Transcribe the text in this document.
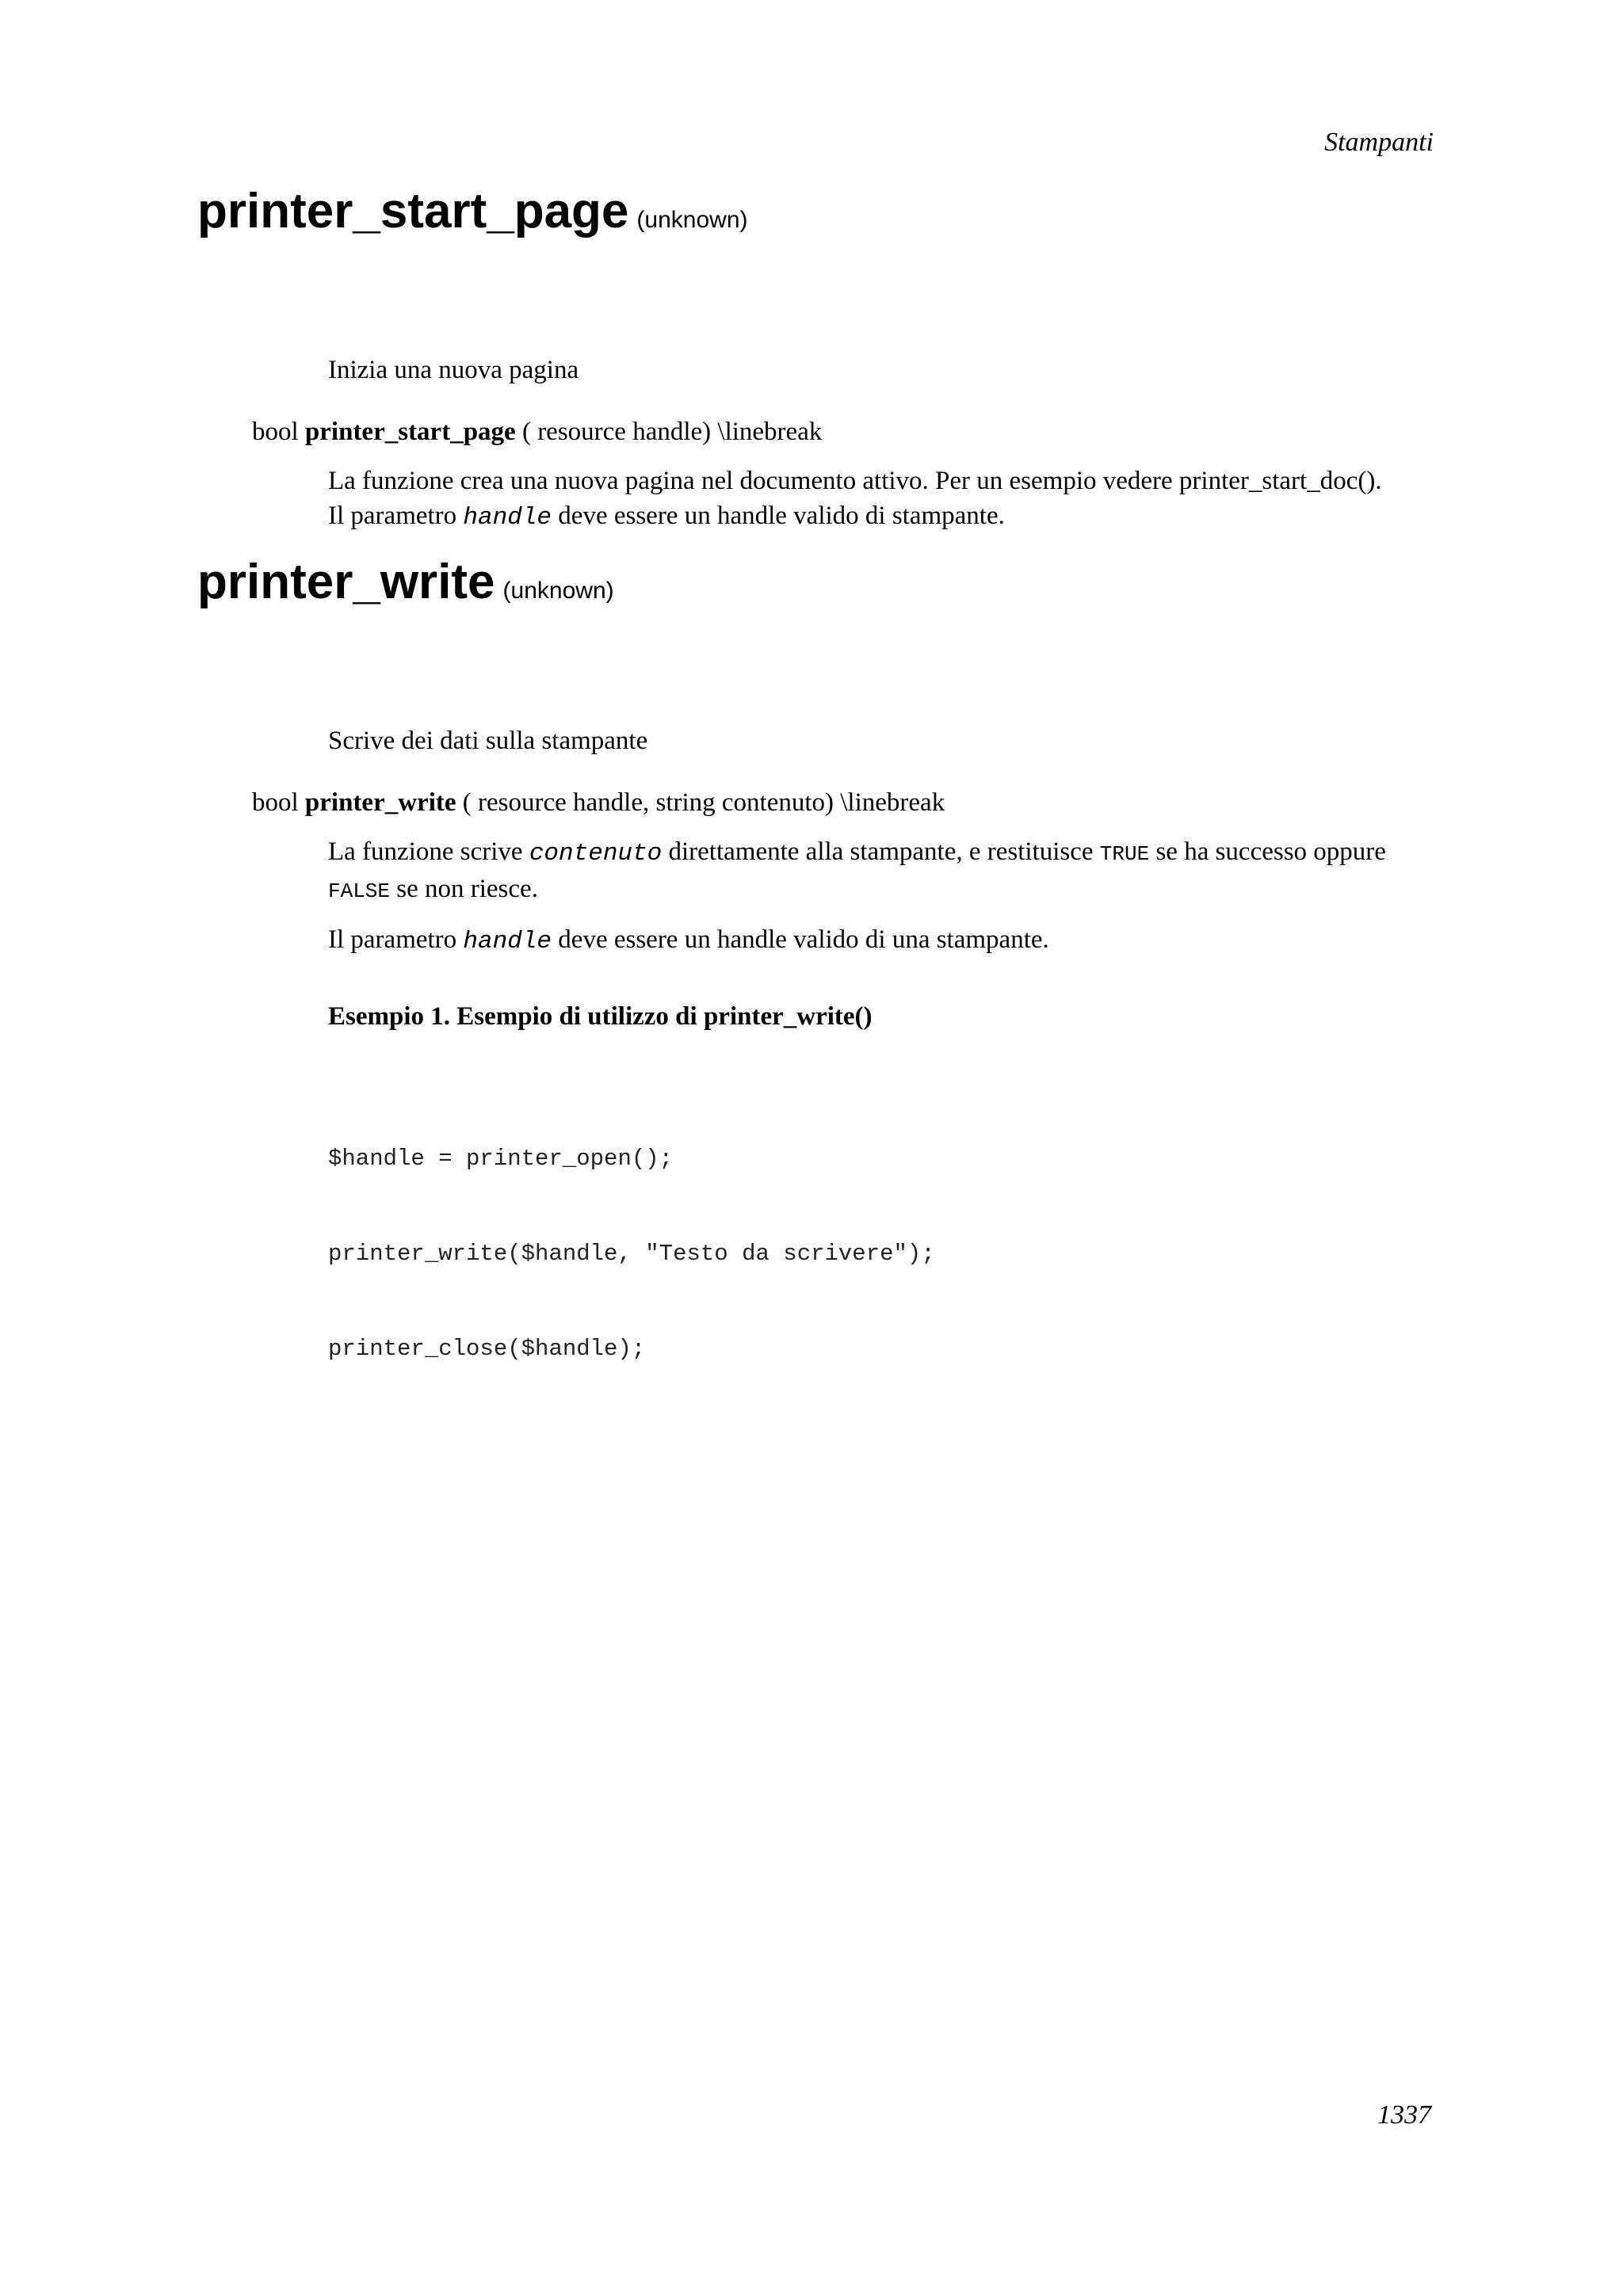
Stampanti
printer_start_page (unknown)

Inizia una nuova pagina

bool printer_start_page ( resource handle) \linebreak

La funzione crea una nuova pagina nel documento attivo. Per un esempio vedere printer_start_doc().
Il parametro handle deve essere un handle valido di stampante.
printer_write (unknown)

Scrive dei dati sulla stampante

bool printer_write ( resource handle, string contenuto) \linebreak

La funzione scrive contenuto direttamente alla stampante, e restituisce TRUE se ha successo oppure FALSE se non riesce.

Il parametro handle deve essere un handle valido di una stampante.

Esempio 1. Esempio di utilizzo di printer_write()

$handle = printer_open();

printer_write($handle, "Testo da scrivere");

printer_close($handle);

1337
